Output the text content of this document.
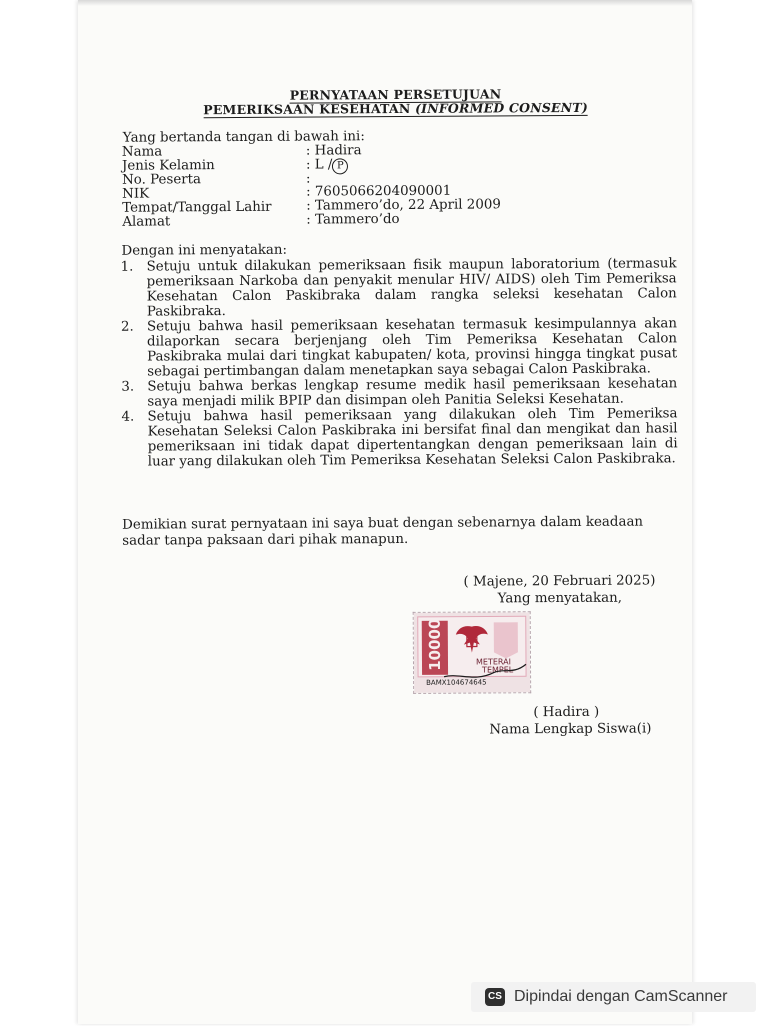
PERNYATAAN PERSETUJUAN
PEMERIKSAAN KESEHATAN (INFORMED CONSENT)
Yang bertanda tangan di bawah ini:
Nama	: Hadira
Jenis Kelamin	: L / P
No. Peserta	:
NIK	: 7605066204090001
Tempat/Tanggal Lahir	: Tammero’do, 22 April 2009
Alamat	: Tammero’do
Dengan ini menyatakan:
1. Setuju untuk dilakukan pemeriksaan fisik maupun laboratorium (termasuk pemeriksaan Narkoba dan penyakit menular HIV/ AIDS) oleh Tim Pemeriksa Kesehatan Calon Paskibraka dalam rangka seleksi kesehatan Calon Paskibraka.
2. Setuju bahwa hasil pemeriksaan kesehatan termasuk kesimpulannya akan dilaporkan secara berjenjang oleh Tim Pemeriksa Kesehatan Calon Paskibraka mulai dari tingkat kabupaten/ kota, provinsi hingga tingkat pusat sebagai pertimbangan dalam menetapkan saya sebagai Calon Paskibraka.
3. Setuju bahwa berkas lengkap resume medik hasil pemeriksaan kesehatan saya menjadi milik BPIP dan disimpan oleh Panitia Seleksi Kesehatan.
4. Setuju bahwa hasil pemeriksaan yang dilakukan oleh Tim Pemeriksa Kesehatan Seleksi Calon Paskibraka ini bersifat final dan mengikat dan hasil pemeriksaan ini tidak dapat dipertentangkan dengan pemeriksaan lain di luar yang dilakukan oleh Tim Pemeriksa Kesehatan Seleksi Calon Paskibraka.
Demikian surat pernyataan ini saya buat dengan sebenarnya dalam keadaan sadar tanpa paksaan dari pihak manapun.
( Majene, 20 Februari 2025)
Yang menyatakan,
10000	METERAI
TEMPEL
BAMX104674645
( Hadira )
Nama Lengkap Siswa(i)
CS Dipindai dengan CamScanner
